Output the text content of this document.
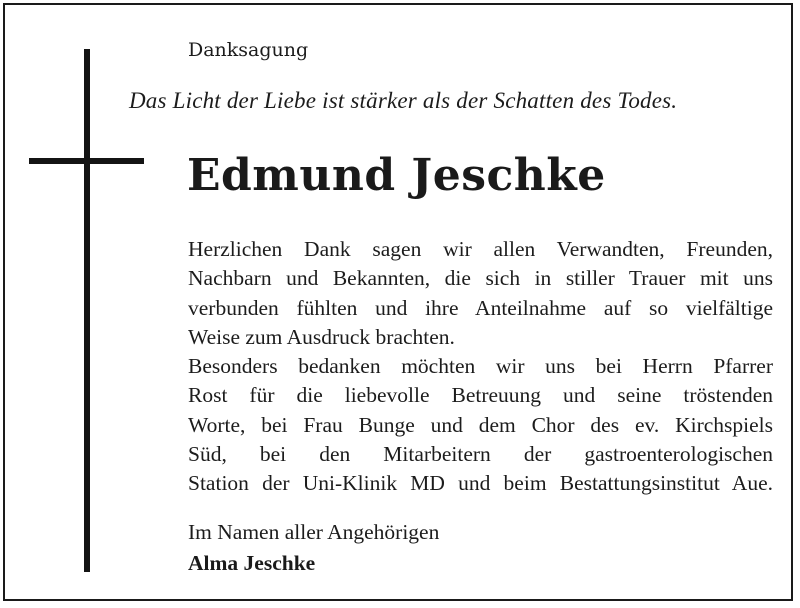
Danksagung
Das Licht der Liebe ist stärker als der Schatten des Todes.
Edmund Jeschke
Herzlichen Dank sagen wir allen Verwandten, Freunden,
Nachbarn und Bekannten, die sich in stiller Trauer mit uns
verbunden fühlten und ihre Anteilnahme auf so vielfältige
Weise zum Ausdruck brachten.
Besonders bedanken möchten wir uns bei Herrn Pfarrer
Rost für die liebevolle Betreuung und seine tröstenden
Worte, bei Frau Bunge und dem Chor des ev. Kirchspiels
Süd, bei den Mitarbeitern der gastroenterologischen
Station der Uni-Klinik MD und beim Bestattungsinstitut Aue.
Im Namen aller Angehörigen
Alma Jeschke
